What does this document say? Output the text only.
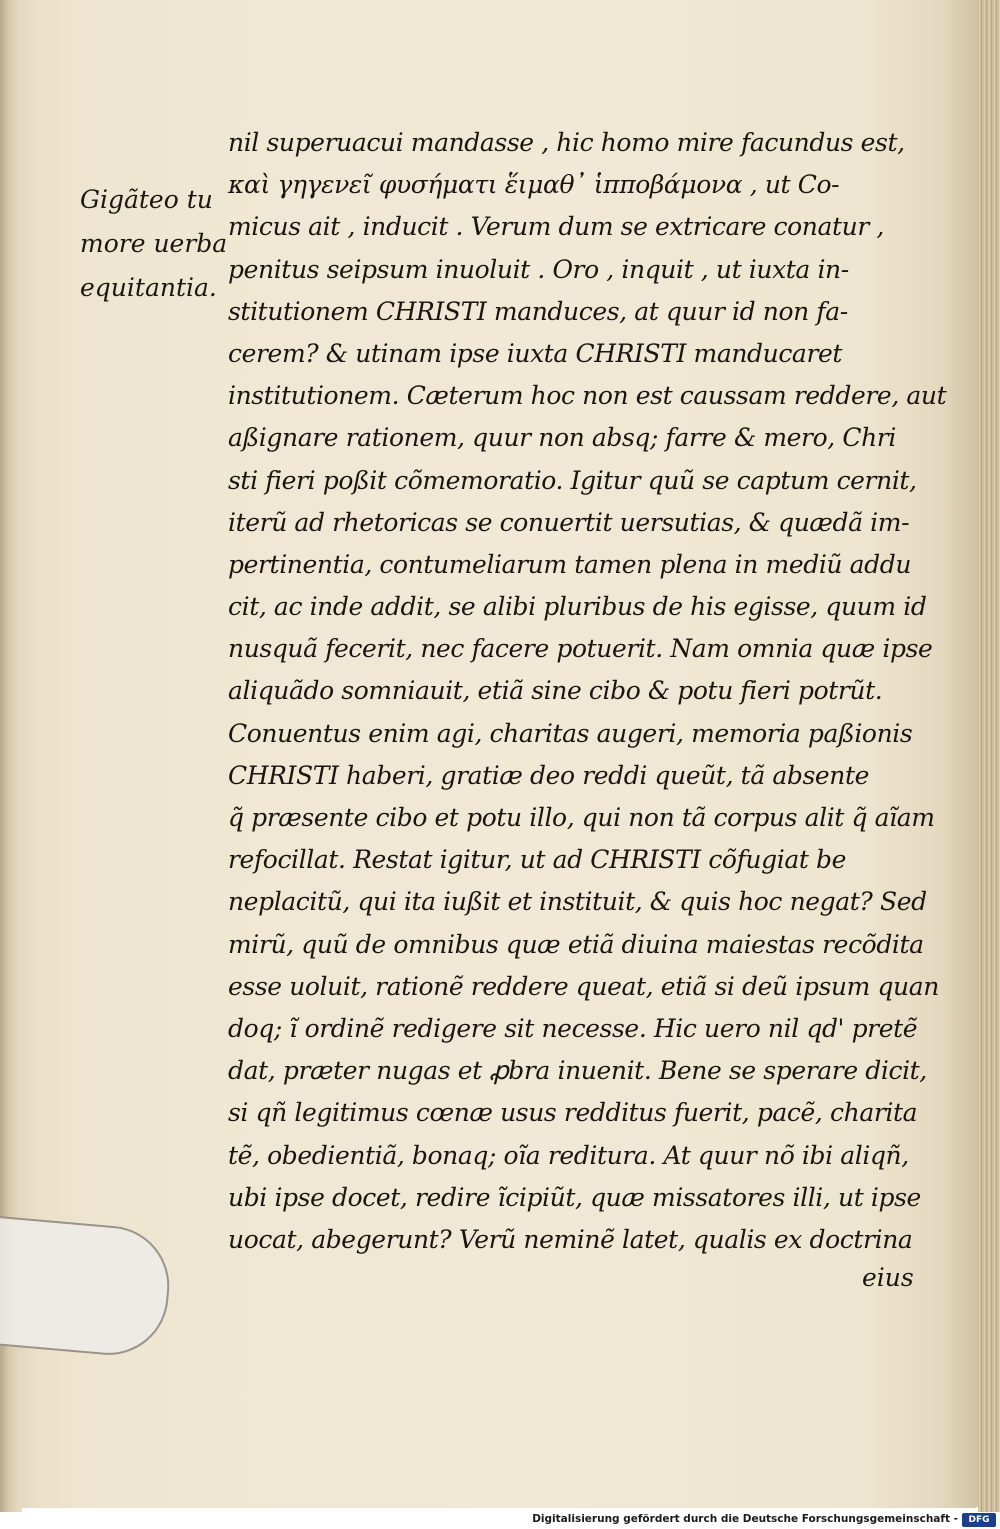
Gigãteo tu
more uerba
equitantia.
nil superuacui mandasse , hic homo mire facundus est,
καὶ γηγενεῖ φυσήματι ἕιμαθ᾽ ἱπποβάμονα , ut Co-
micus ait , inducit . Verum dum se extricare conatur ,
penitus seipsum inuoluit . Oro , inquit , ut iuxta in-
stitutionem CHRISTI manduces, at quur id non fa-
cerem? & utinam ipse iuxta CHRISTI manducaret
institutionem. Cæterum hoc non est caussam reddere, aut
aßignare rationem, quur non absq; farre & mero, Chri
sti fieri poßit cõmemoratio. Igitur quũ se captum cernit,
iterũ ad rhetoricas se conuertit uersutias, & quædã im-
pertinentia, contumeliarum tamen plena in mediũ addu
cit, ac inde addit, se alibi pluribus de his egisse, quum id
nusquã fecerit, nec facere potuerit. Nam omnia quæ ipse
aliquãdo somniauit, etiã sine cibo & potu fieri potrũt.
Conuentus enim agi, charitas augeri, memoria paßionis
CHRISTI haberi, gratiæ deo reddi queũt, tã absente
q̃ præsente cibo et potu illo, qui non tã corpus alit q̃ aĩam
refocillat. Restat igitur, ut ad CHRISTI cõfugiat be
neplacitũ, qui ita iußit et instituit, & quis hoc negat? Sed
mirũ, quũ de omnibus quæ etiã diuina maiestas recõdita
esse uoluit, rationẽ reddere queat, etiã si deũ ipsum quan
doq; ĩ ordinẽ redigere sit necesse. Hic uero nil qd' pretẽ
dat, præter nugas et ꝓbra inuenit. Bene se sperare dicit,
si qñ legitimus cœnæ usus redditus fuerit, pacẽ, charita
tẽ, obedientiã, bonaq; oĩa reditura. At quur nõ ibi aliqñ,
ubi ipse docet, redire ĩcipiũt, quæ missatores illi, ut ipse
uocat, abegerunt? Verũ neminẽ latet, qualis ex doctrina
eius
Digitalisierung gefördert durch die Deutsche Forschungsgemeinschaft -	DFG
